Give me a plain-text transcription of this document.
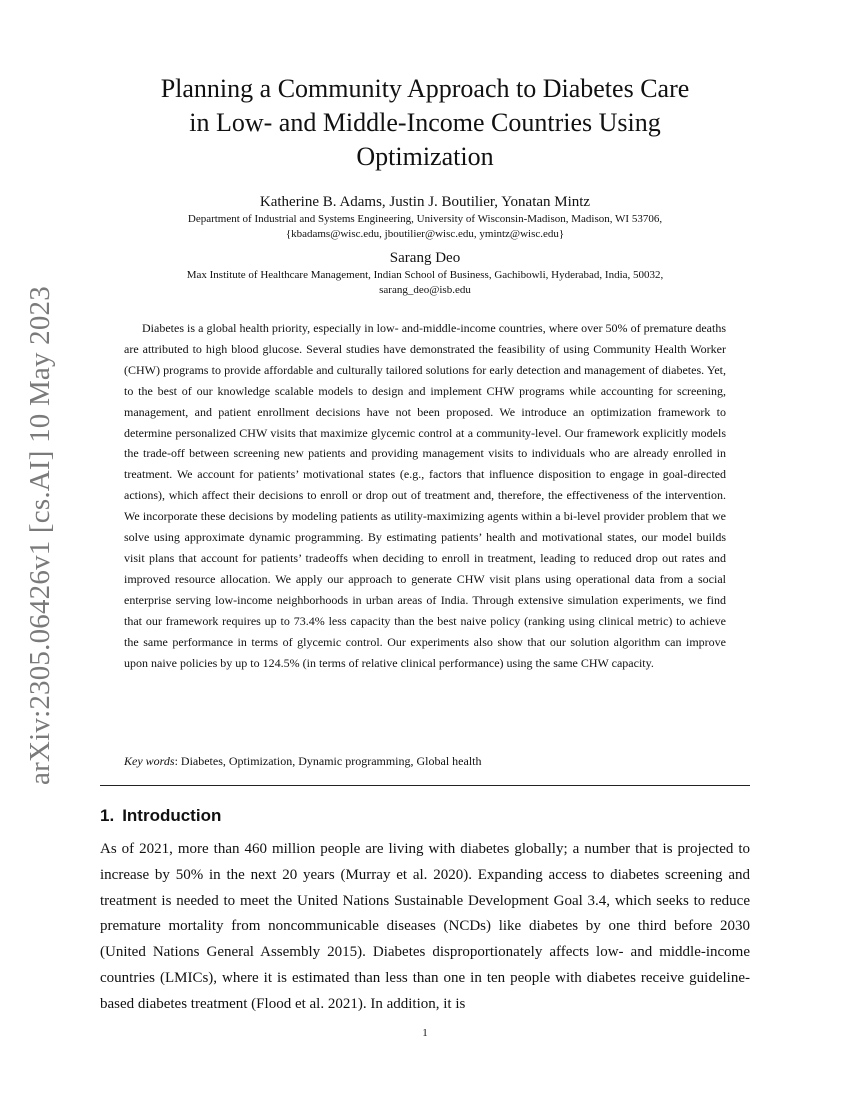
arXiv:2305.06426v1 [cs.AI] 10 May 2023
Planning a Community Approach to Diabetes Care
in Low- and Middle-Income Countries Using
Optimization
Katherine B. Adams, Justin J. Boutilier, Yonatan Mintz
Department of Industrial and Systems Engineering, University of Wisconsin-Madison, Madison, WI 53706,
{kbadams@wisc.edu, jboutilier@wisc.edu, ymintz@wisc.edu}
Sarang Deo
Max Institute of Healthcare Management, Indian School of Business, Gachibowli, Hyderabad, India, 50032,
sarang_deo@isb.edu

Diabetes is a global health priority, especially in low- and-middle-income countries, where over 50% of premature deaths are attributed to high blood glucose. Several studies have demonstrated the feasibility of using Community Health Worker (CHW) programs to provide affordable and culturally tailored solutions for early detection and management of diabetes. Yet, to the best of our knowledge scalable models to design and implement CHW programs while accounting for screening, management, and patient enrollment decisions have not been proposed. We introduce an optimization framework to determine personalized CHW visits that maximize glycemic control at a community-level. Our framework explicitly models the trade-off between screening new patients and providing management visits to individuals who are already enrolled in treatment. We account for patients’ motivational states (e.g., factors that influence disposition to engage in goal-directed actions), which affect their decisions to enroll or drop out of treatment and, therefore, the effectiveness of the intervention. We incorporate these decisions by modeling patients as utility-maximizing agents within a bi-level provider problem that we solve using approximate dynamic programming. By estimating patients’ health and motivational states, our model builds visit plans that account for patients’ tradeoffs when deciding to enroll in treatment, leading to reduced drop out rates and improved resource allocation. We apply our approach to generate CHW visit plans using operational data from a social enterprise serving low-income neighborhoods in urban areas of India. Through extensive simulation experiments, we find that our framework requires up to 73.4% less capacity than the best naive policy (ranking using clinical metric) to achieve the same performance in terms of glycemic control. Our experiments also show that our solution algorithm can improve upon naive policies by up to 124.5% (in terms of relative clinical performance) using the same CHW capacity.

Key words: Diabetes, Optimization, Dynamic programming, Global health
1. Introduction

As of 2021, more than 460 million people are living with diabetes globally; a number that is projected to increase by 50% in the next 20 years (Murray et al. 2020). Expanding access to diabetes screening and treatment is needed to meet the United Nations Sustainable Development Goal 3.4, which seeks to reduce premature mortality from noncommunicable diseases (NCDs) like diabetes by one third before 2030 (United Nations General Assembly 2015). Diabetes disproportionately affects low- and middle-income countries (LMICs), where it is estimated than less than one in ten people with diabetes receive guideline-based diabetes treatment (Flood et al. 2021). In addition, it is

1
